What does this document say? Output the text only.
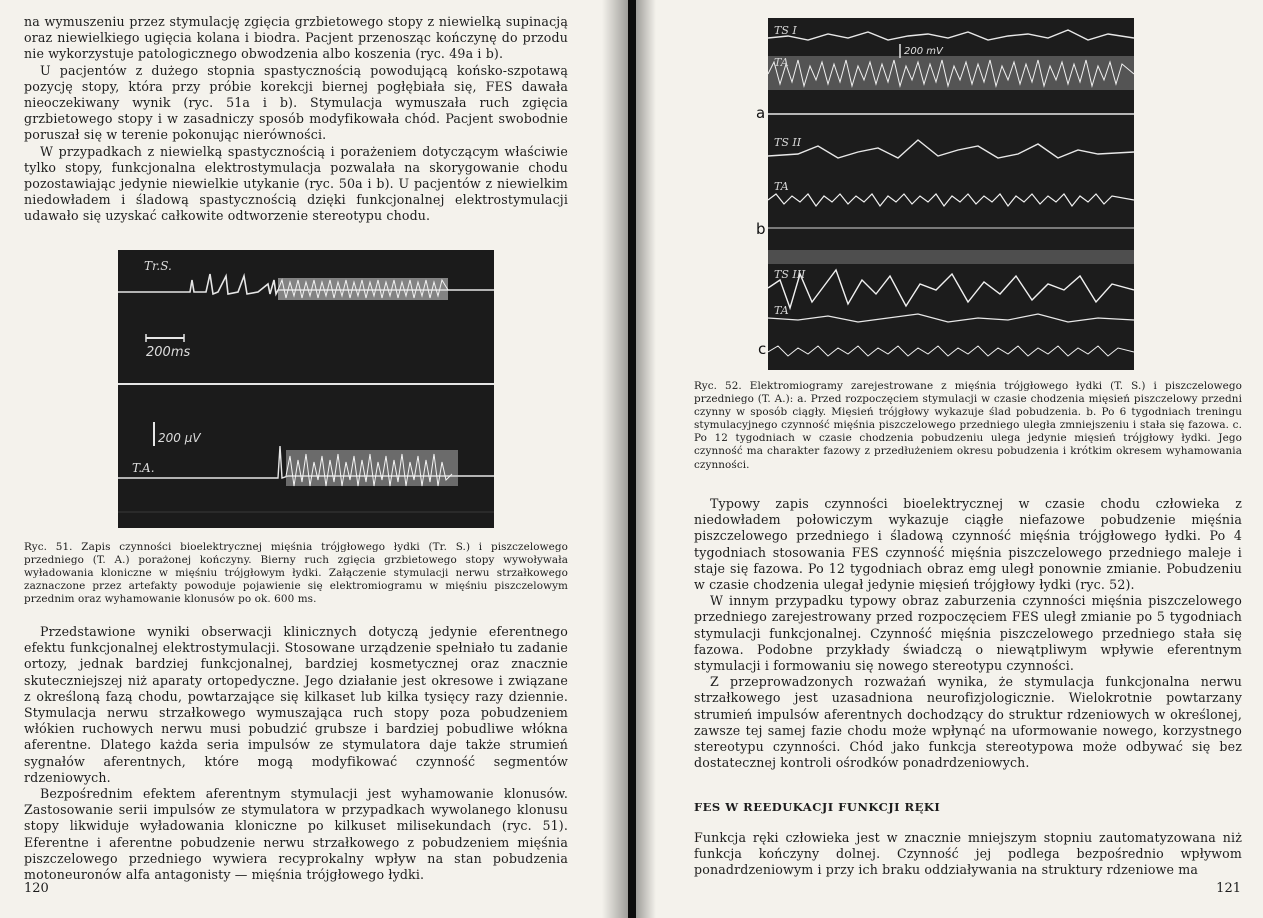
na wymuszeniu przez stymulację zgięcia grzbietowego stopy z niewielką supinacją oraz niewielkiego ugięcia kolana i biodra. Pacjent przenosząc kończynę do przodu nie wykorzystuje patologicznego obwodzenia albo koszenia (ryc. 49a i b).

U pacjentów z dużego stopnia spastycznością powodującą końsko-szpotawą pozycję stopy, która przy próbie korekcji biernej pogłębiała się, FES dawała nieoczekiwany wynik (ryc. 51a i b). Stymulacja wymuszała ruch zgięcia grzbietowego stopy i w zasadniczy sposób modyfikowała chód. Pacjent swobodnie poruszał się w terenie pokonując nierówności.

W przypadkach z niewielką spastycznością i porażeniem dotyczącym właściwie tylko stopy, funkcjonalna elektrostymulacja pozwalała na skorygowanie chodu pozostawiając jedynie niewielkie utykanie (ryc. 50a i b). U pacjentów z niewielkim niedowładem i śladową spastycznością dzięki funkcjonalnej elektrostymulacji udawało się uzyskać całkowite odtworzenie stereotypu chodu.

Tr.S.
200ms
200 µV
T.A.
Ryc. 51. Zapis czynności bioelektrycznej mięśnia trójgłowego łydki (Tr. S.) i piszczelowego przedniego (T. A.) porażonej kończyny. Bierny ruch zgięcia grzbietowego stopy wywoływała wyładowania kloniczne w mięśniu trójgłowym łydki. Załączenie stymulacji nerwu strzałkowego zaznaczone przez artefakty powoduje pojawienie się elektromiogramu w mięśniu piszczelowym przednim oraz wyhamowanie klonusów po ok. 600 ms.

Przedstawione wyniki obserwacji klinicznych dotyczą jedynie eferentnego efektu funkcjonalnej elektrostymulacji. Stosowane urządzenie spełniało tu zadanie ortozy, jednak bardziej funkcjonalnej, bardziej kosmetycznej oraz znacznie skuteczniejszej niż aparaty ortopedyczne. Jego działanie jest okresowe i związane z określoną fazą chodu, powtarzające się kilkaset lub kilka tysięcy razy dziennie. Stymulacja nerwu strzałkowego wymuszająca ruch stopy poza pobudzeniem włókien ruchowych nerwu musi pobudzić grubsze i bardziej pobudliwe włókna aferentne. Dlatego każda seria impulsów ze stymulatora daje także strumień sygnałów aferentnych, które mogą modyfikować czynność segmentów rdzeniowych.

Bezpośrednim efektem aferentnym stymulacji jest wyhamowanie klonusów. Zastosowanie serii impulsów ze stymulatora w przypadkach wywolanego klonusu stopy likwiduje wyładowania kloniczne po kilkuset milisekundach (ryc. 51). Eferentne i aferentne pobudzenie nerwu strzałkowego z pobudzeniem mięśnia piszczelowego przedniego wywiera recyprokalny wpływ na stan pobudzenia motoneuronów alfa antagonisty — mięśnia trójgłowego łydki.

120
TS I
TA
TS II
TA
TS III
TA
200 mV
a
b
c
Ryc. 52. Elektromiogramy zarejestrowane z mięśnia trójgłowego łydki (T. S.) i piszczelowego przedniego (T. A.): a. Przed rozpoczęciem stymulacji w czasie chodzenia mięsień piszczelowy przedni czynny w sposób ciągły. Mięsień trójgłowy wykazuje ślad pobudzenia. b. Po 6 tygodniach treningu stymulacyjnego czynność mięśnia piszczelowego przedniego uległa zmniejszeniu i stała się fazowa. c. Po 12 tygodniach w czasie chodzenia pobudzeniu ulega jedynie mięsień trójgłowy łydki. Jego czynność ma charakter fazowy z przedłużeniem okresu pobudzenia i krótkim okresem wyhamowania czynności.

Typowy zapis czynności bioelektrycznej w czasie chodu człowieka z niedowładem połowiczym wykazuje ciągłe niefazowe pobudzenie mięśnia piszczelowego przedniego i śladową czynność mięśnia trójgłowego łydki. Po 4 tygodniach stosowania FES czynność mięśnia piszczelowego przedniego maleje i staje się fazowa. Po 12 tygodniach obraz emg uległ ponownie zmianie. Pobudzeniu w czasie chodzenia ulegał jedynie mięsień trójgłowy łydki (ryc. 52).

W innym przypadku typowy obraz zaburzenia czynności mięśnia piszczelowego przedniego zarejestrowany przed rozpoczęciem FES uległ zmianie po 5 tygodniach stymulacji funkcjonalnej. Czynność mięśnia piszczelowego przedniego stała się fazowa. Podobne przykłady świadczą o niewątpliwym wpływie eferentnym stymulacji i formowaniu się nowego stereotypu czynności.

Z przeprowadzonych rozważań wynika, że stymulacja funkcjonalna nerwu strzałkowego jest uzasadniona neurofizjologicznie. Wielokrotnie powtarzany strumień impulsów aferentnych dochodzący do struktur rdzeniowych w określonej, zawsze tej samej fazie chodu może wpłynąć na uformowanie nowego, korzystnego stereotypu czynności. Chód jako funkcja stereotypowa może odbywać się bez dostatecznej kontroli ośrodków ponadrdzeniowych.

FES W REEDUKACJI FUNKCJI RĘKI

Funkcja ręki człowieka jest w znacznie mniejszym stopniu zautomatyzowana niż funkcja kończyny dolnej. Czynność jej podlega bezpośrednio wpływom ponadrdzeniowym i przy ich braku oddziaływania na struktury rdzeniowe ma

121
